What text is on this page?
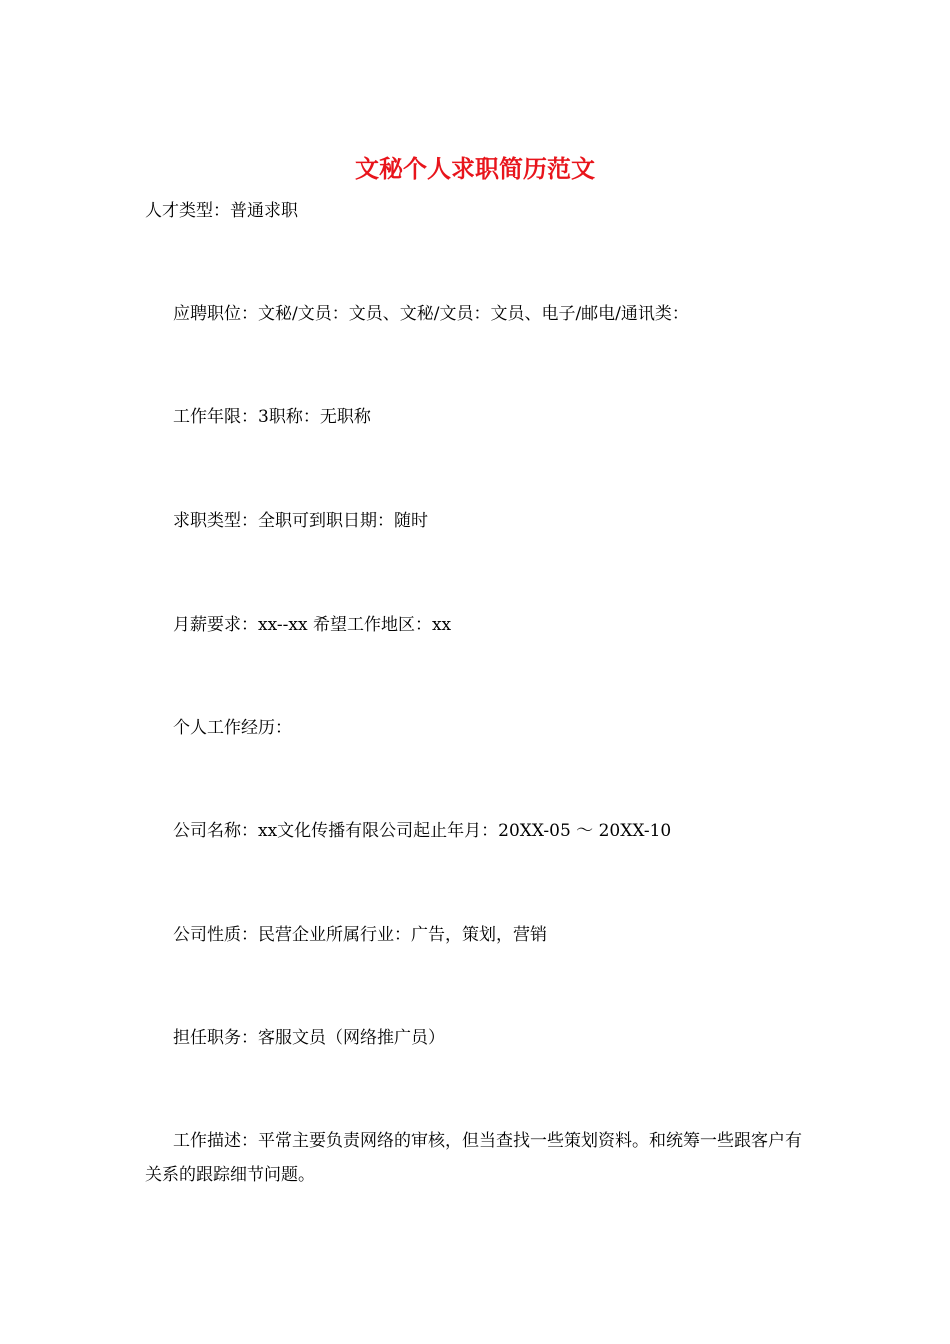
文秘个人求职简历范文
人才类型：普通求职
应聘职位：文秘/文员：文员、文秘/文员：文员、电子/邮电/通讯类：
工作年限：3职称：无职称
求职类型：全职可到职日期：随时
月薪要求：xx--xx 希望工作地区：xx
个人工作经历：
公司名称：xx文化传播有限公司起止年月：20XX-05 ～ 20XX-10
公司性质：民营企业所属行业：广告，策划，营销
担任职务：客服文员（网络推广员）
工作描述：平常主要负责网络的审核，但当查找一些策划资料。和统筹一些跟客户有关系的跟踪细节问题。
